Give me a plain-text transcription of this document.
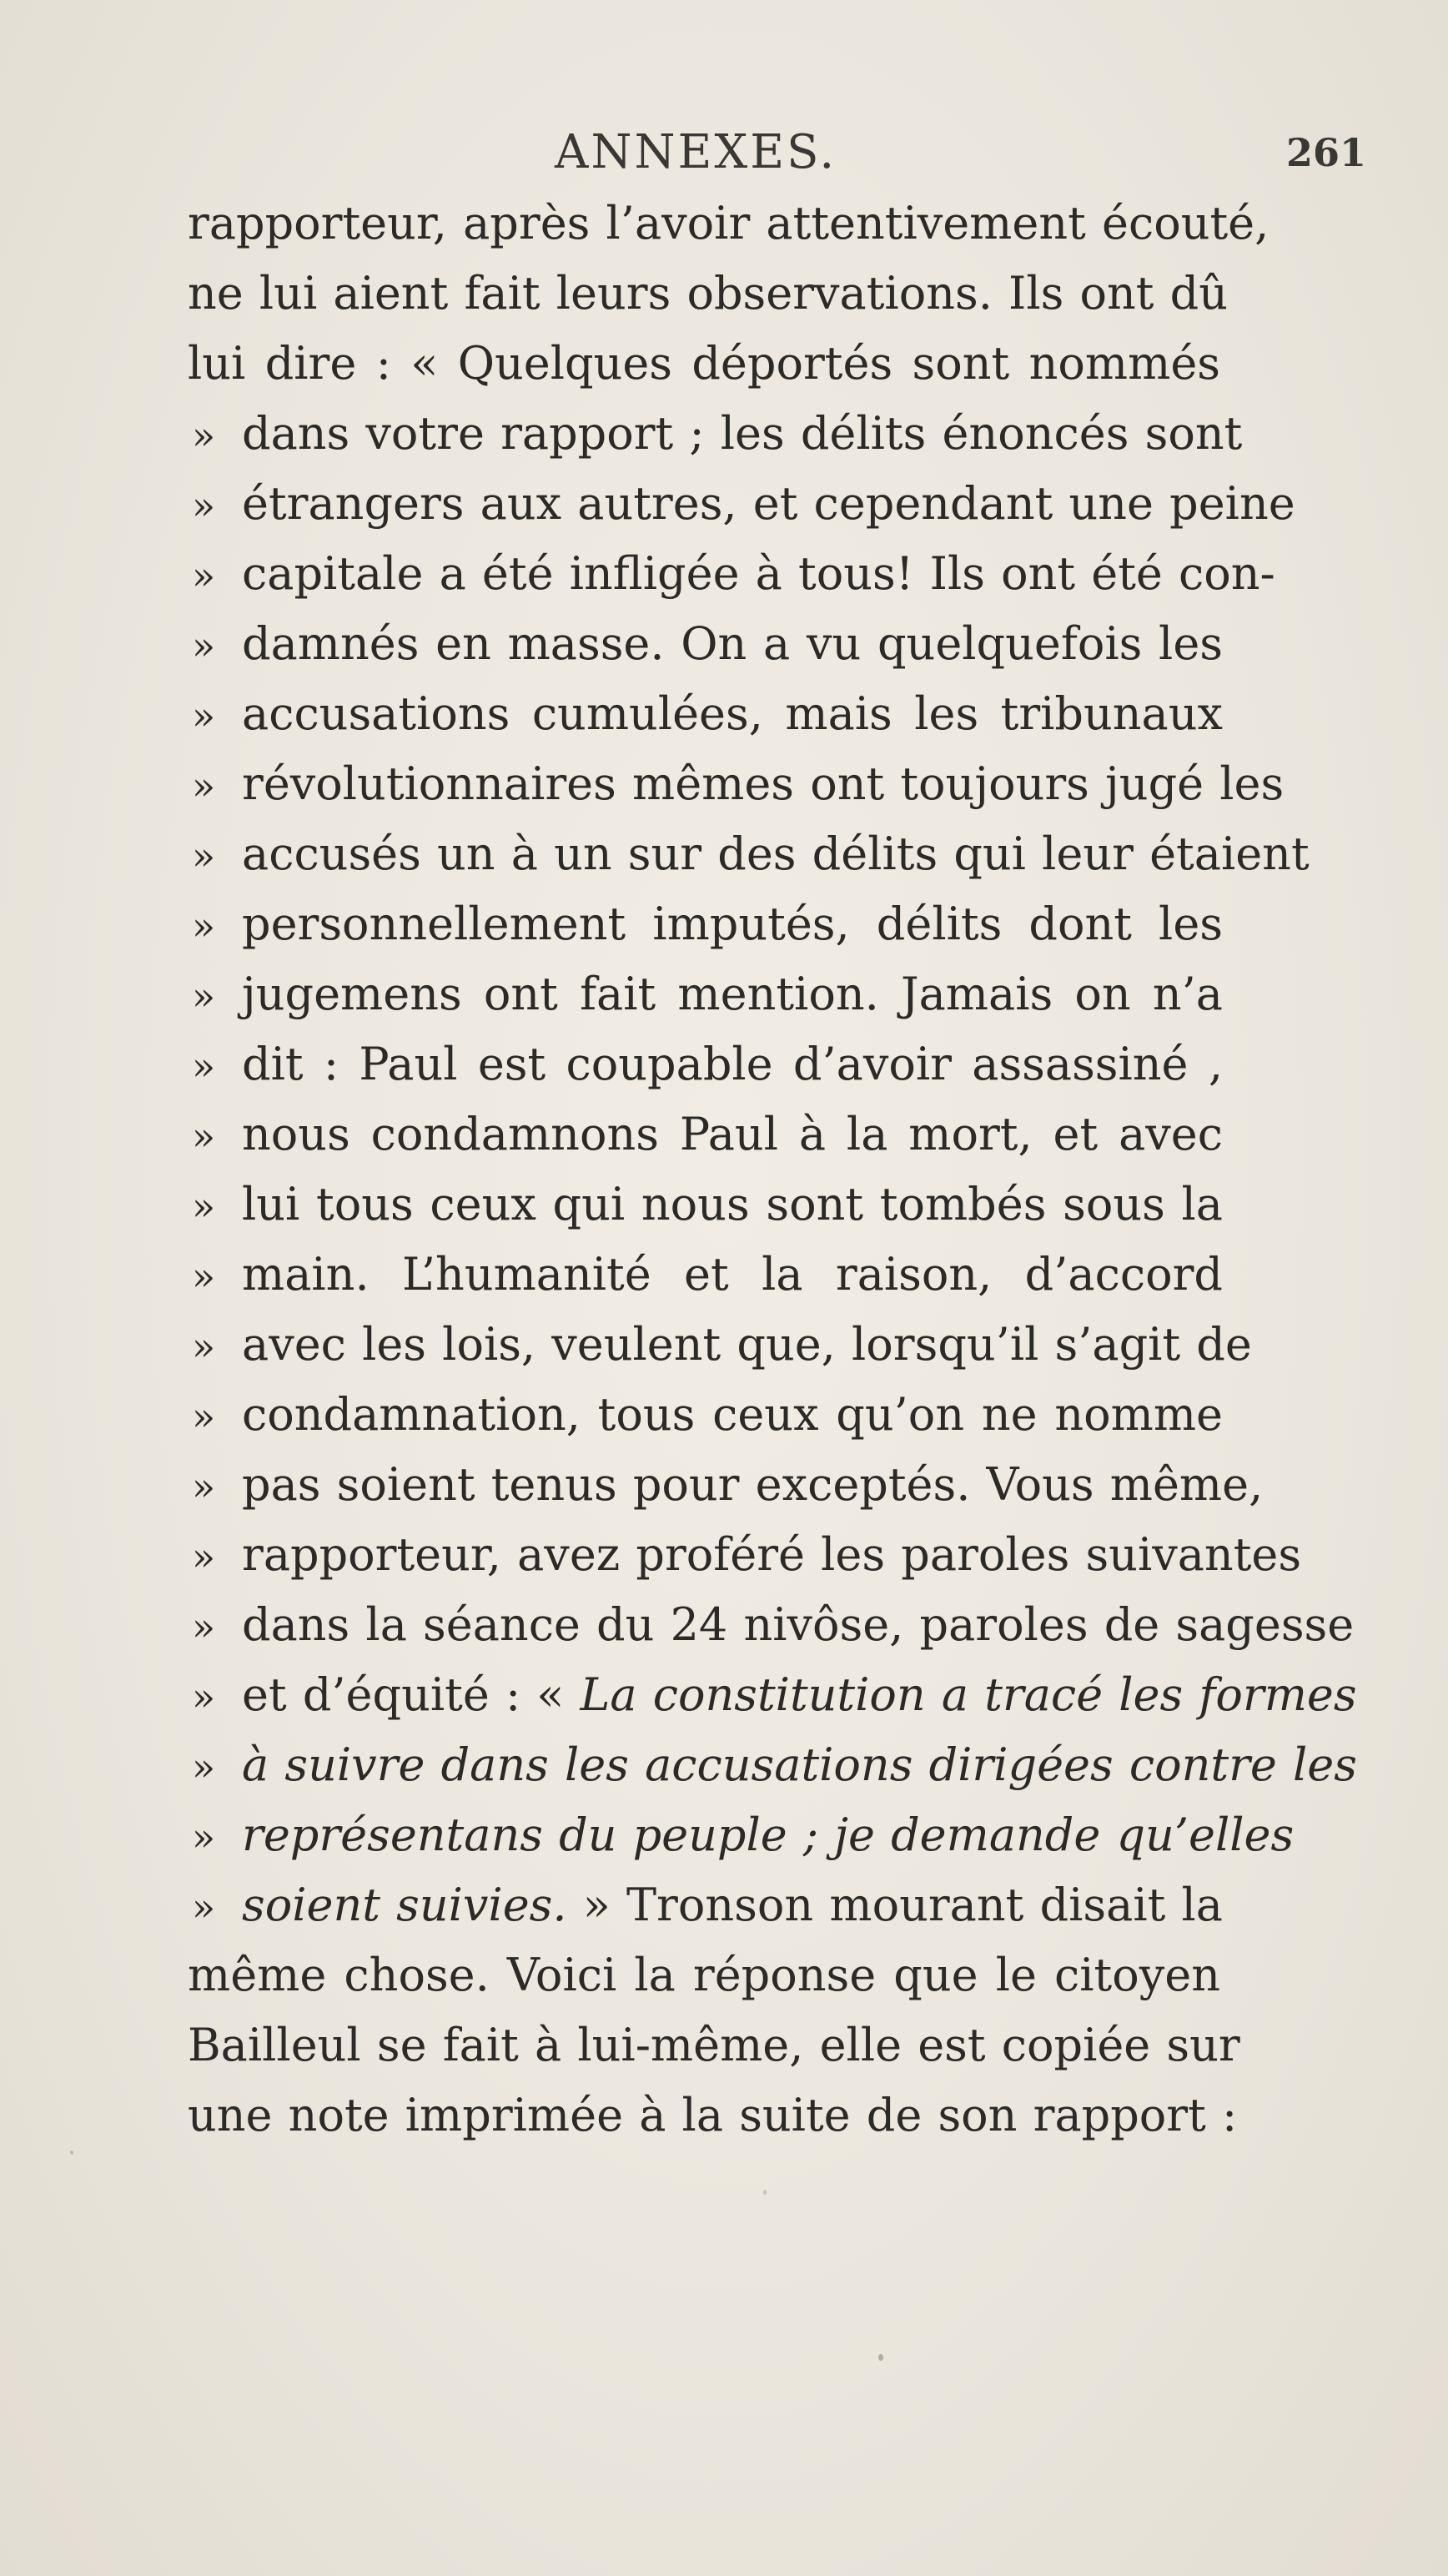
ANNEXES.	261
rapporteur, après l’avoir attentivement écouté,
ne lui aient fait leurs observations. Ils ont dû
lui dire : « Quelques déportés sont nommés
» dans votre rapport ; les délits énoncés sont
» étrangers aux autres, et cependant une peine
» capitale a été infligée à tous! Ils ont été con-
» damnés en masse. On a vu quelquefois les
» accusations cumulées, mais les tribunaux
» révolutionnaires mêmes ont toujours jugé les
» accusés un à un sur des délits qui leur étaient
» personnellement imputés, délits dont les
» jugemens ont fait mention. Jamais on n’a
» dit : Paul est coupable d’avoir assassiné ,
» nous condamnons Paul à la mort, et avec
» lui tous ceux qui nous sont tombés sous la
» main. L’humanité et la raison, d’accord
» avec les lois, veulent que, lorsqu’il s’agit de
» condamnation, tous ceux qu’on ne nomme
» pas soient tenus pour exceptés. Vous même,
» rapporteur, avez proféré les paroles suivantes
» dans la séance du 24 nivôse, paroles de sagesse
» et d’équité : « La constitution a tracé les formes
» à suivre dans les accusations dirigées contre les
» représentans du peuple ; je demande qu’elles
» soient suivies. » Tronson mourant disait la
même chose. Voici la réponse que le citoyen
Bailleul se fait à lui-même, elle est copiée sur
une note imprimée à la suite de son rapport :
